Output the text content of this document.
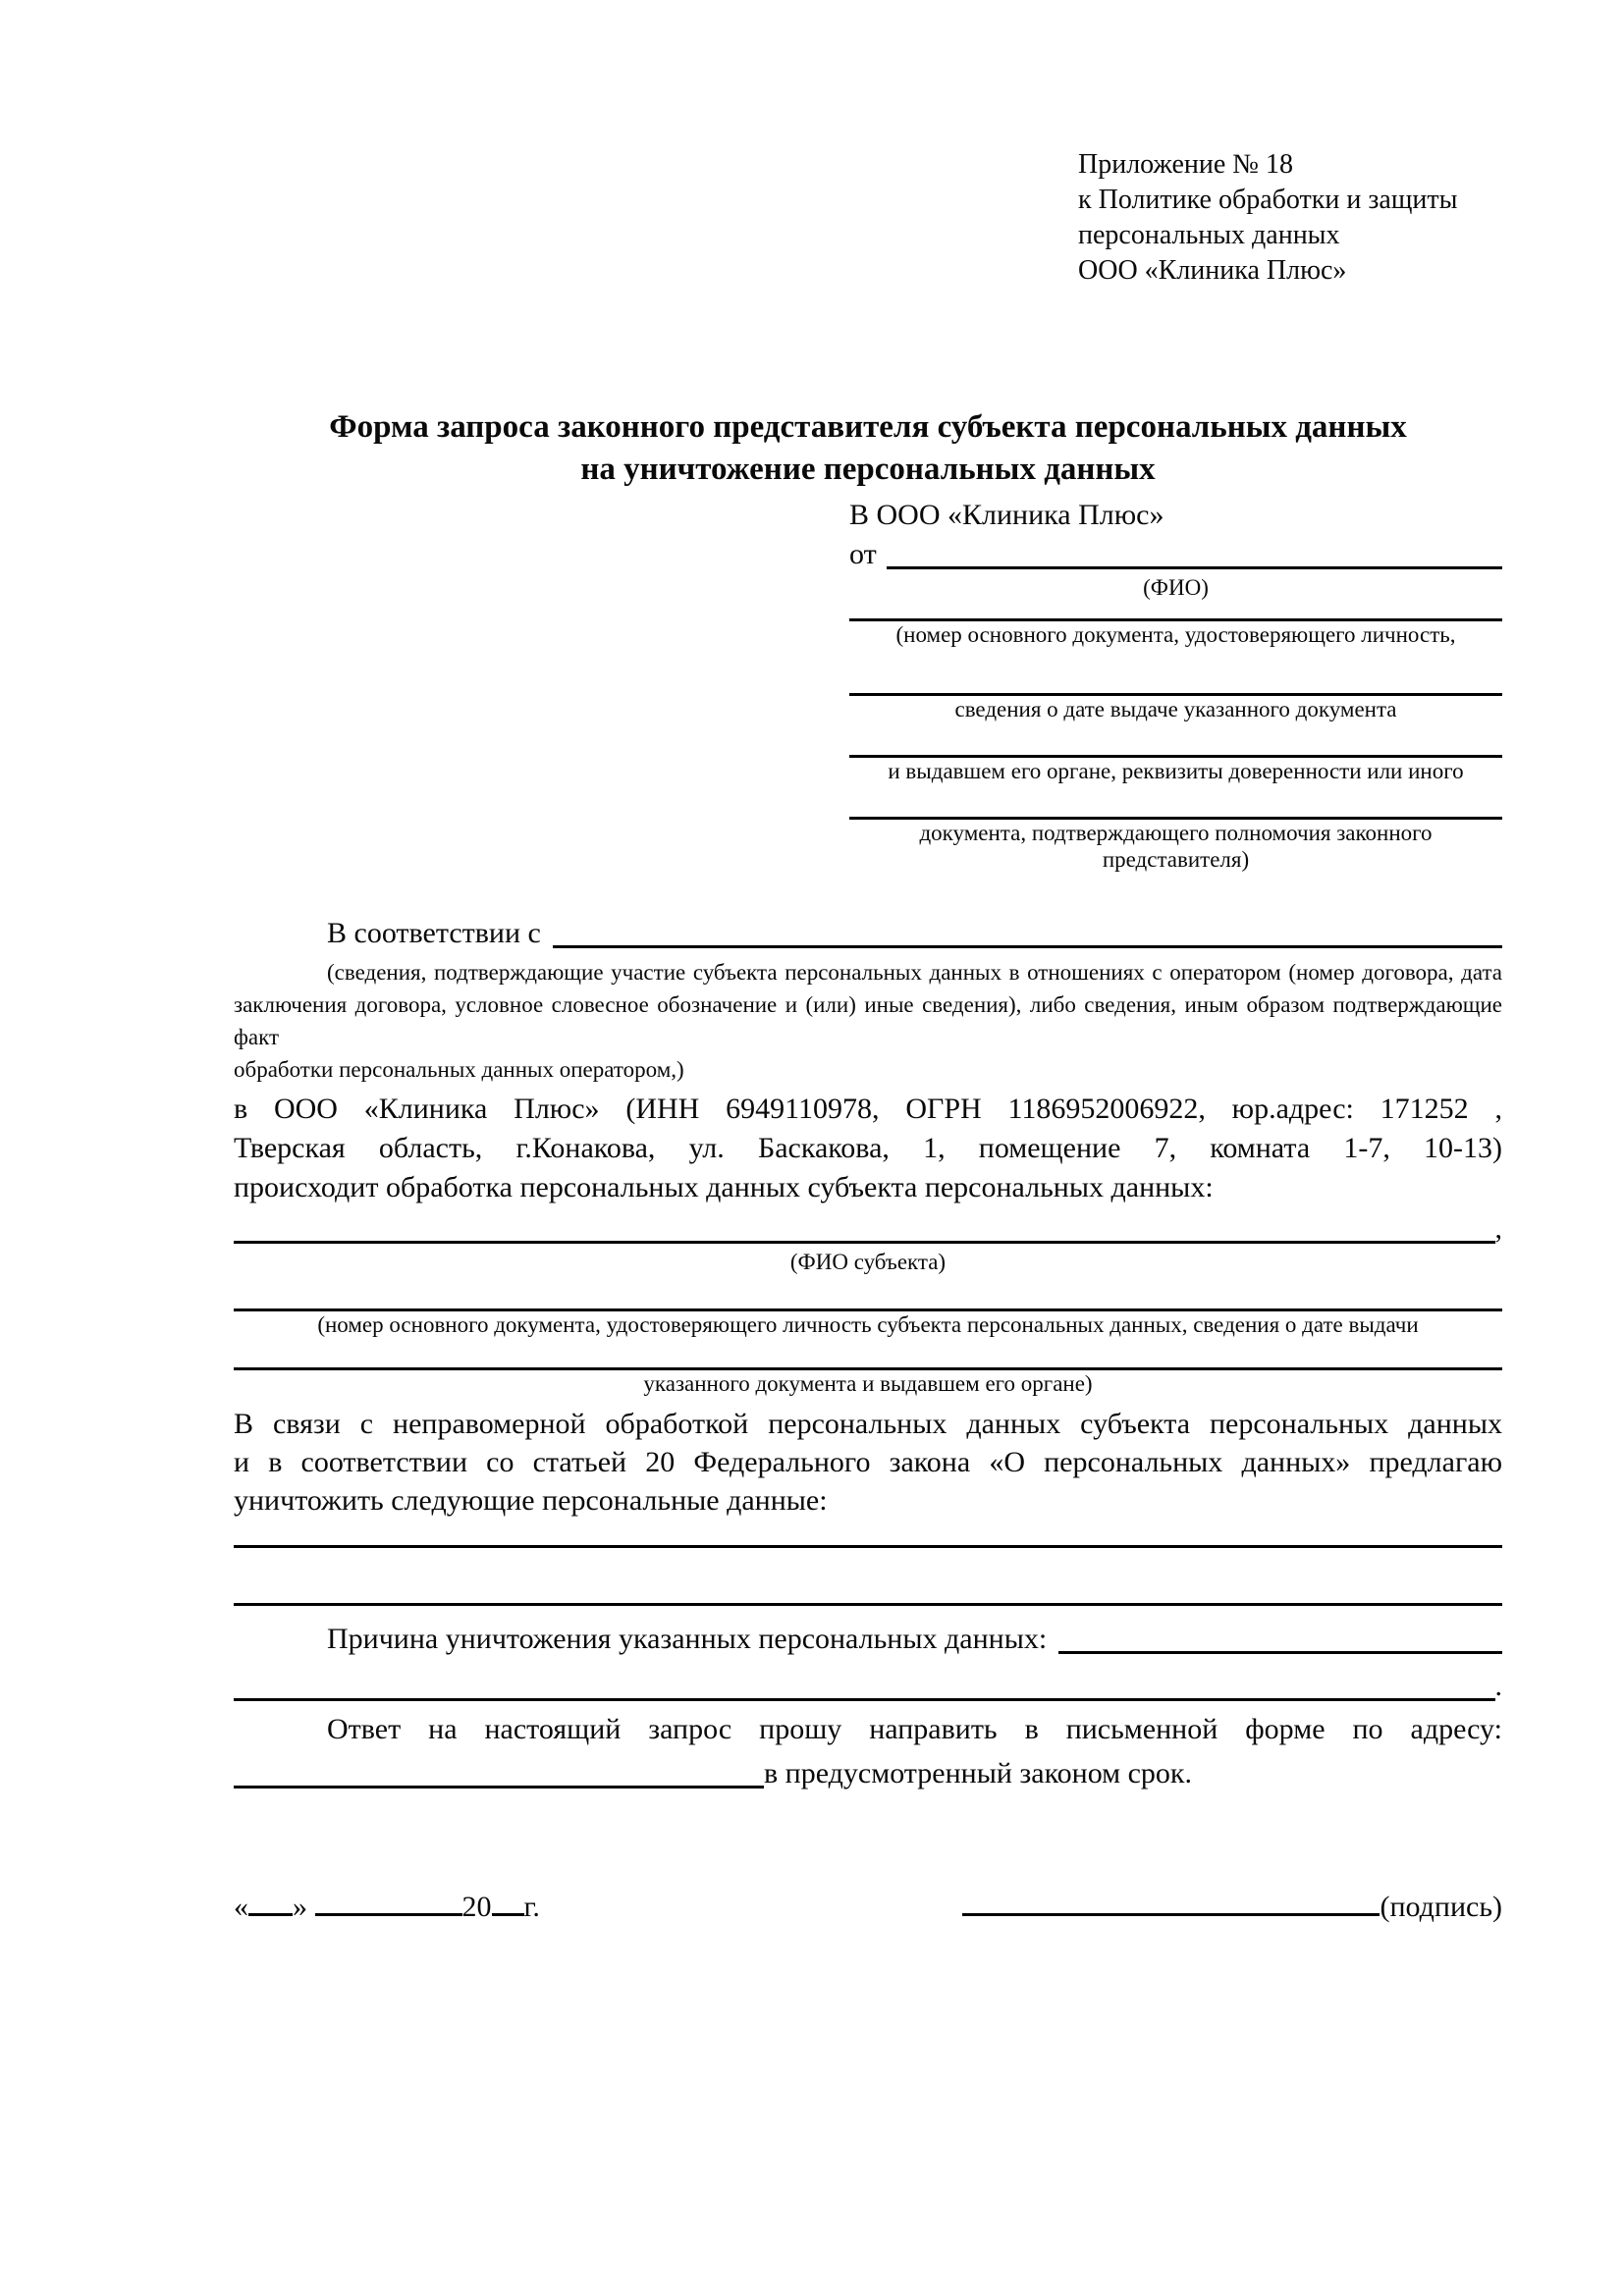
Приложение № 18
к Политике обработки и защиты
персональных данных
ООО «Клиника Плюс»
Форма запроса законного представителя субъекта персональных данных
на уничтожение персональных данных
В ООО «Клиника Плюс»
от
(ФИО)
(номер основного документа, удостоверяющего личность,
сведения о дате выдаче указанного документа
и выдавшем его органе, реквизиты доверенности или иного
документа, подтверждающего полномочия законного представителя)
В соответствии с
(сведения, подтверждающие участие субъекта персональных данных в отношениях с оператором (номер договора, дата
заключения договора, условное словесное обозначение и (или) иные сведения), либо сведения, иным образом подтверждающие факт
обработки персональных данных оператором,)
в ООО «Клиника Плюс» (ИНН 6949110978, ОГРН 1186952006922, юр.адрес: 171252 ,
Тверская область, г.Конакова, ул. Баскакова, 1, помещение 7, комната 1-7, 10-13)
происходит обработка персональных данных субъекта персональных данных:
,
(ФИО субъекта)
(номер основного документа, удостоверяющего личность субъекта персональных данных, сведения о дате выдачи
указанного документа и выдавшем его органе)
В связи с неправомерной обработкой персональных данных субъекта персональных данных
и в соответствии со статьей 20 Федерального закона «О персональных данных» предлагаю
уничтожить следующие персональные данные:
Причина уничтожения указанных персональных данных:
.
Ответ на настоящий запрос прошу направить в письменной форме по адресу:
в предусмотренный законом срок.
« »	20 г.	(подпись)
